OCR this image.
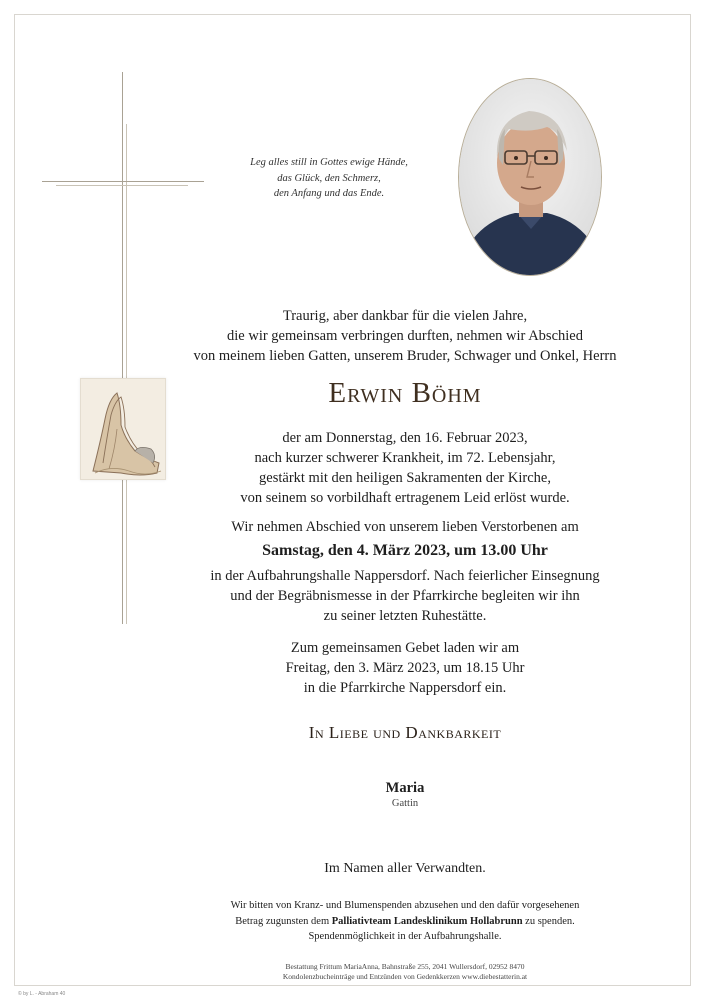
Leg alles still in Gottes ewige Hände,
das Glück, den Schmerz,
den Anfang und das Ende.
Traurig, aber dankbar für die vielen Jahre,
die wir gemeinsam verbringen durften, nehmen wir Abschied
von meinem lieben Gatten, unserem Bruder, Schwager und Onkel, Herrn
Erwin Böhm
der am Donnerstag, den 16. Februar 2023,
nach kurzer schwerer Krankheit, im 72. Lebensjahr,
gestärkt mit den heiligen Sakramenten der Kirche,
von seinem so vorbildhaft ertragenem Leid erlöst wurde.
Wir nehmen Abschied von unserem lieben Verstorbenen am
Samstag, den 4. März 2023, um 13.00 Uhr
in der Aufbahrungshalle Nappersdorf. Nach feierlicher Einsegnung
und der Begräbnismesse in der Pfarrkirche begleiten wir ihn
zu seiner letzten Ruhestätte.
Zum gemeinsamen Gebet laden wir am
Freitag, den 3. März 2023, um 18.15 Uhr
in die Pfarrkirche Nappersdorf ein.
In Liebe und Dankbarkeit
Maria
Gattin
Im Namen aller Verwandten.
Wir bitten von Kranz- und Blumenspenden abzusehen und den dafür vorgesehenen
Betrag zugunsten dem Palliativteam Landesklinikum Hollabrunn zu spenden.
Spendenmöglichkeit in der Aufbahrungshalle.
Bestattung Frittum MariaAnna, Bahnstraße 255, 2041 Wullersdorf, 02952 8470
Kondolenzbucheinträge und Entzünden von Gedenkkerzen www.diebestatterin.at
© by L. - Abraham 40
